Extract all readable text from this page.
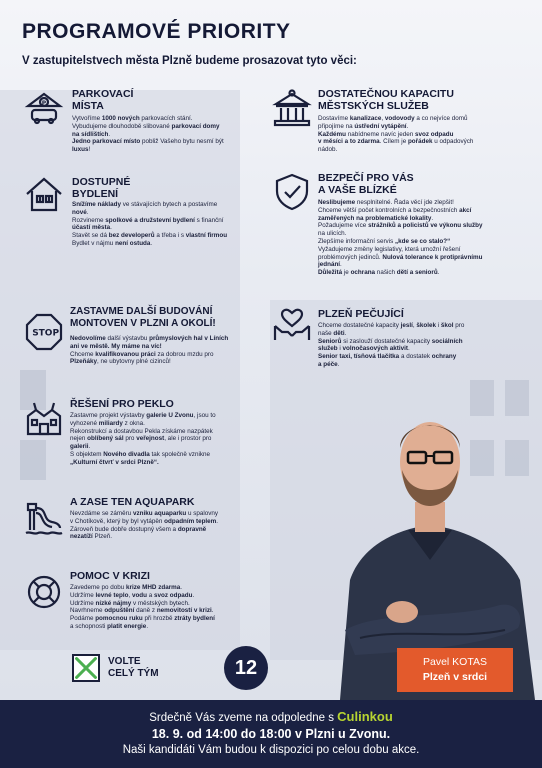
PROGRAMOVÉ PRIORITY
V zastupitelstvech města Plzně budeme prosazovat tyto věci:
P
PARKOVACÍ
MÍSTA

Vytvoříme 1000 nových parkovacích stání.

Vybudujeme dlouhodobě slibované parkovací domy

na sídlištích.

Jedno parkovací místo pobliž Vašeho bytu nesmí být

luxus!

DOSTATEČNOU KAPACITU
MĚSTSKÝCH SLUŽEB

Dostavíme kanalizace, vodovody a co nejvíce domů

připojíme na ústřední vytápění.

Každému nabídneme navíc jeden svoz odpadu

v měsíci a to zdarma. Cílem je pořádek u odpadových

nádob.

DOSTUPNÉ
BYDLENÍ

Snížíme náklady ve stávajících bytech a postavíme

nové.

Rozvineme spolkové a družstevní bydlení s finanční

účastí města.

Stavět se dá bez developerů a třeba i s vlastní firmou

Bydlet v nájmu není ostuda.

BEZPEČÍ PRO VÁS
A VAŠE BLÍZKÉ

Neslibujeme nesplnitelné. Řada věcí jde zlepšit!

Chceme větší počet kontrolních a bezpečnostních akcí

zaměřených na problematické lokality.

Požadujeme více strážníků a policistů ve výkonu služby

na ulicích.

Zlepšíme informační servis „kde se co stalo?“

Vyžadujeme změny legislativy, která umožní řešení

problémových jedinců. Nulová tolerance k protiprávnímu

jednání.

Důležitá je ochrana našich dětí a seniorů.

STOP
ZASTAVME DALŠÍ BUDOVÁNÍ
MONTOVEN V PLZNI A OKOLÍ!

Nedovolíme další výstavbu průmyslových hal v Líních

ani ve městě. My máme na víc!

Chceme kvalifikovanou práci za dobrou mzdu pro

Plzeňáky, ne ubytovny plné cizinců!

PLZEŇ PEČUJÍCÍ

Chceme dostatečné kapacity jeslí, školek i škol pro

naše děti.

Seniorů si zaslouží dostatečné kapacity sociálních

služeb i volnočasových aktivit.

Senior taxi, tísňová tlačítka a dostatek ochrany

a péče.

ŘEŠENÍ PRO PEKLO

Zastavme projekt výstavby galerie U Zvonu, jsou to

vyhozené miliardy z okna.

Rekonstrukcí a dostavbou Pekla získáme nazpátek

nejen oblíbený sál pro veřejnost, ale i prostor pro

galerii.

S objektem Nového divadla tak společně vznikne

„Kulturní čtvrť v srdci Plzně“.

A ZASE TEN AQUAPARK

Nevzdáme se záměru vzniku aquaparku u spalovny

v Chotíkově, který by byl vytápěn odpadním teplem.

Zároveň bude dobře dostupný všem a dopravně

nezatíží Plzeň.

POMOC V KRIZI

Zavedeme po dobu krize MHD zdarma.

Udržíme levné teplo, vodu a svoz odpadu.

Udržíme nízké nájmy v městských bytech.

Navrhneme odpuštění daně z nemovitostí v krizi.

Podáme pomocnou ruku při hrozbě ztráty bydlení

a schopnosti platit energie.

VOLTE
CELÝ TÝM	12	Pavel KOTAS
Plzeň v srdci
Srdečně Vás zveme na odpoledne s Culinkou
18. 9. od 14:00 do 18:00 v Plzni u Zvonu.
Naši kandidáti Vám budou k dispozici po celou dobu akce.
